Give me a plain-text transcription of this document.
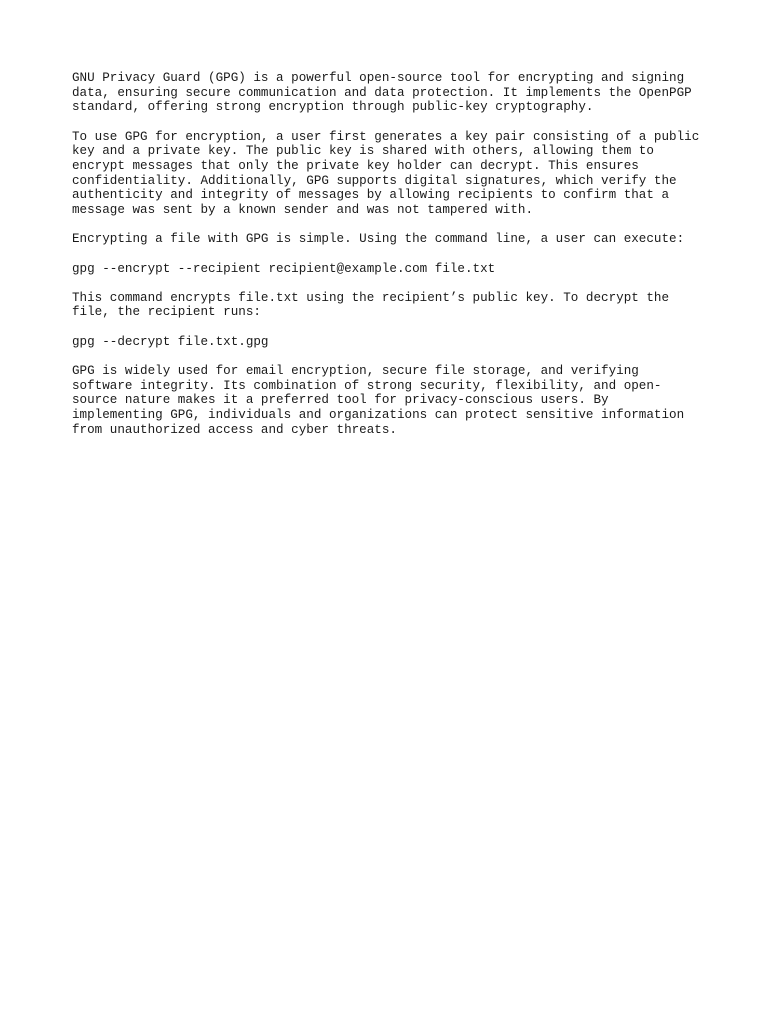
GNU Privacy Guard (GPG) is a powerful open-source tool for encrypting and signing
data, ensuring secure communication and data protection. It implements the OpenPGP
standard, offering strong encryption through public-key cryptography.

To use GPG for encryption, a user first generates a key pair consisting of a public
key and a private key. The public key is shared with others, allowing them to
encrypt messages that only the private key holder can decrypt. This ensures
confidentiality. Additionally, GPG supports digital signatures, which verify the
authenticity and integrity of messages by allowing recipients to confirm that a
message was sent by a known sender and was not tampered with.

Encrypting a file with GPG is simple. Using the command line, a user can execute:

gpg --encrypt --recipient recipient@example.com file.txt

This command encrypts file.txt using the recipient’s public key. To decrypt the
file, the recipient runs:

gpg --decrypt file.txt.gpg

GPG is widely used for email encryption, secure file storage, and verifying
software integrity. Its combination of strong security, flexibility, and open-
source nature makes it a preferred tool for privacy-conscious users. By
implementing GPG, individuals and organizations can protect sensitive information
from unauthorized access and cyber threats.
